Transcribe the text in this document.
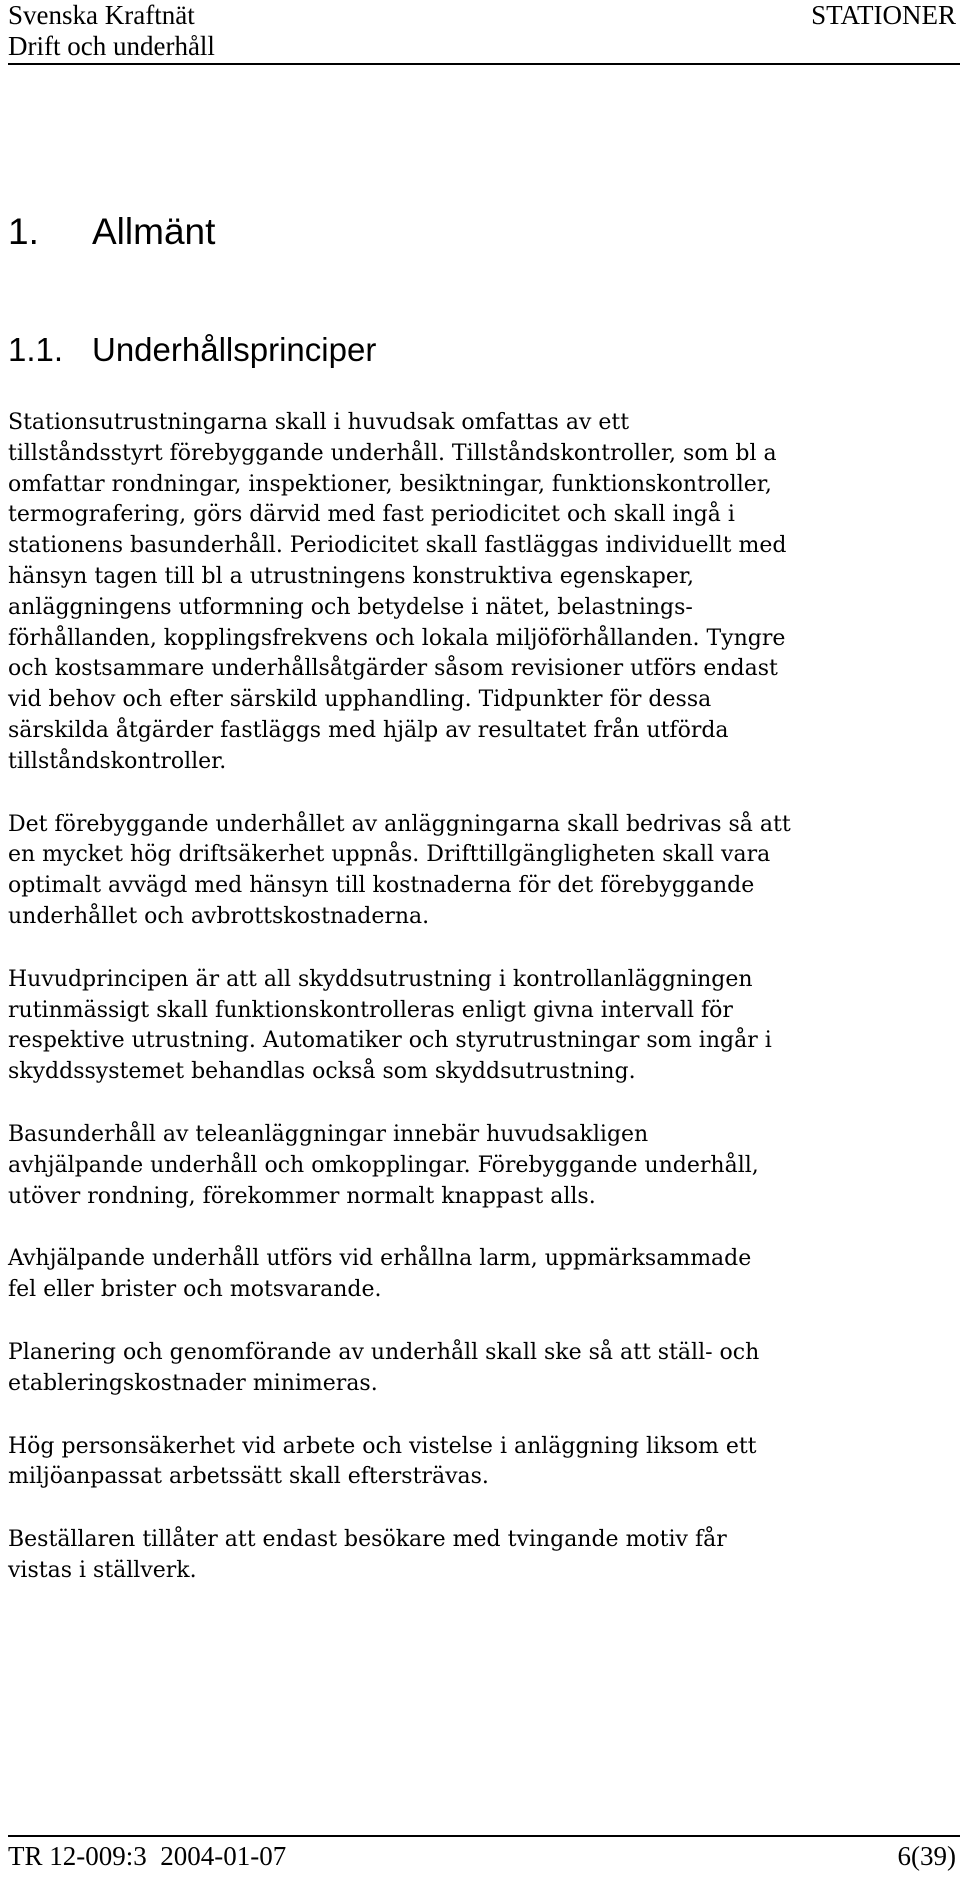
Svenska Kraftnät
Drift och underhåll
STATIONER
1. Allmänt
1.1. Underhållsprinciper

Stationsutrustningarna skall i huvudsak omfattas av ett
tillståndsstyrt förebyggande underhåll. Tillståndskontroller, som bl a
omfattar rondningar, inspektioner, besiktningar, funktionskontroller,
termografering, görs därvid med fast periodicitet och skall ingå i
stationens basunderhåll. Periodicitet skall fastläggas individuellt med
hänsyn tagen till bl a utrustningens konstruktiva egenskaper,
anläggningens utformning och betydelse i nätet, belastnings-
förhållanden, kopplingsfrekvens och lokala miljöförhållanden. Tyngre
och kostsammare underhållsåtgärder såsom revisioner utförs endast
vid behov och efter särskild upphandling. Tidpunkter för dessa
särskilda åtgärder fastläggs med hjälp av resultatet från utförda
tillståndskontroller.

Det förebyggande underhållet av anläggningarna skall bedrivas så att
en mycket hög driftsäkerhet uppnås. Drifttillgängligheten skall vara
optimalt avvägd med hänsyn till kostnaderna för det förebyggande
underhållet och avbrottskostnaderna.

Huvudprincipen är att all skyddsutrustning i kontrollanläggningen
rutinmässigt skall funktionskontrolleras enligt givna intervall för
respektive utrustning. Automatiker och styrutrustningar som ingår i
skyddssystemet behandlas också som skyddsutrustning.

Basunderhåll av teleanläggningar innebär huvudsakligen
avhjälpande underhåll och omkopplingar. Förebyggande underhåll,
utöver rondning, förekommer normalt knappast alls.

Avhjälpande underhåll utförs vid erhållna larm, uppmärksammade
fel eller brister och motsvarande.

Planering och genomförande av underhåll skall ske så att ställ- och
etableringskostnader minimeras.

Hög personsäkerhet vid arbete och vistelse i anläggning liksom ett
miljöanpassat arbetssätt skall eftersträvas.

Beställaren tillåter att endast besökare med tvingande motiv får
vistas i ställverk.

TR 12-009:3 2004-01-07	6(39)
